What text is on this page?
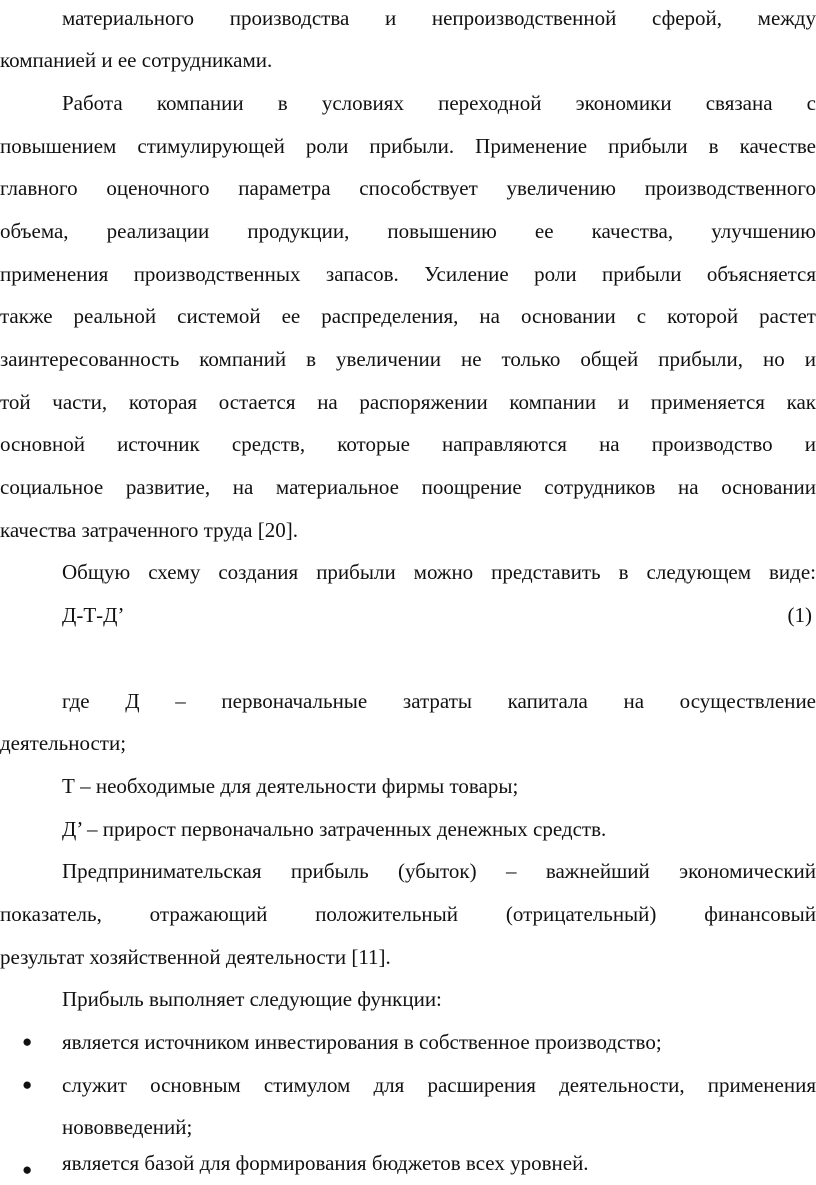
материального производства и непроизводственной сферой, между
компанией и ее сотрудниками.
Работа компании в условиях переходной экономики связана с
повышением стимулирующей роли прибыли. Применение прибыли в качестве
главного оценочного параметра способствует увеличению производственного
объема, реализации продукции, повышению ее качества, улучшению
применения производственных запасов. Усиление роли прибыли объясняется
также реальной системой ее распределения, на основании с которой растет
заинтересованность компаний в увеличении не только общей прибыли, но и
той части, которая остается на распоряжении компании и применяется как
основной источник средств, которые направляются на производство и
социальное развитие, на материальное поощрение сотрудников на основании
качества затраченного труда [20].
Общую схему создания прибыли можно представить в следующем виде:
Д-Т-Д’	(1)
где Д – первоначальные затраты капитала на осуществление
деятельности;
Т – необходимые для деятельности фирмы товары;
Д’ – прирост первоначально затраченных денежных средств.
Предпринимательская прибыль (убыток) – важнейший экономический
показатель, отражающий положительный (отрицательный) финансовый
результат хозяйственной деятельности [11].
Прибыль выполняет следующие функции:
●	является источником инвестирования в собственное производство;
●	служит основным стимулом для расширения деятельности, применения
нововведений;
●	является базой для формирования бюджетов всех уровней.
